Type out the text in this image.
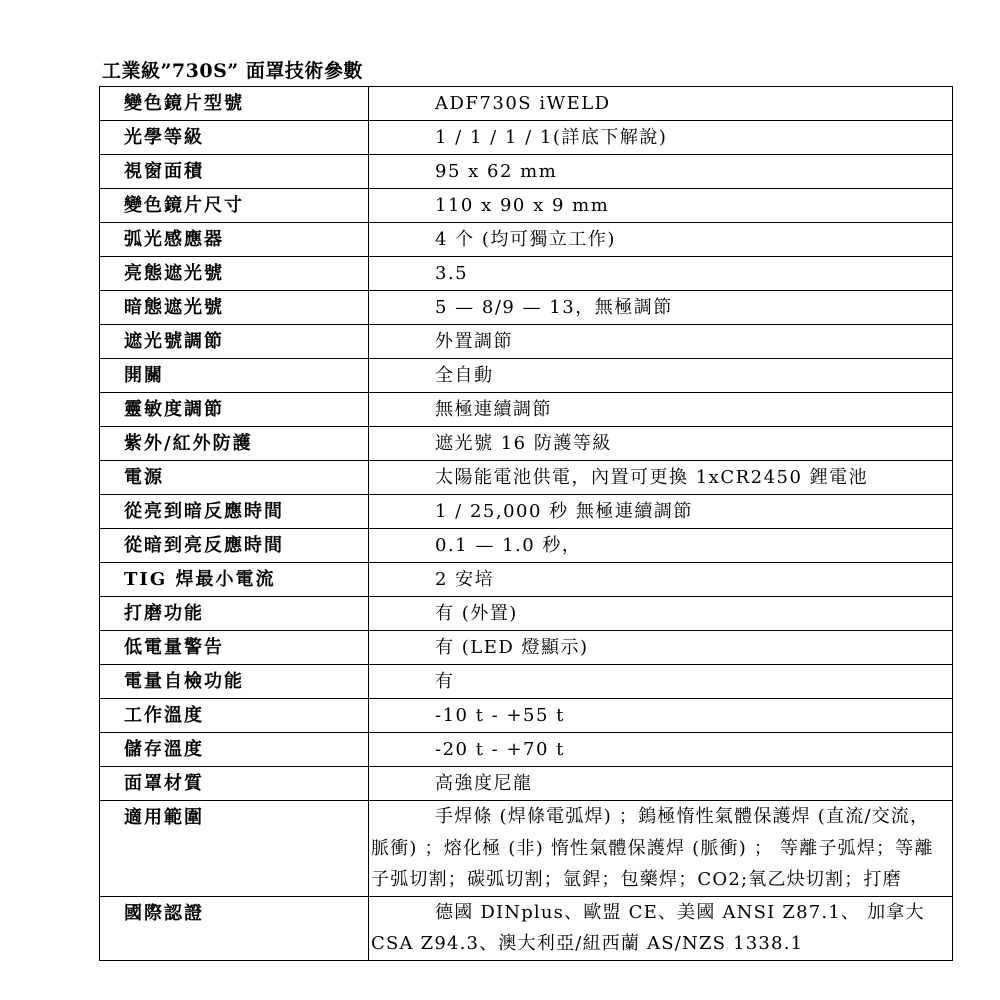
工業級”730S” 面罩技術參數
變色鏡片型號	ADF730S iWELD
光學等級	1 / 1 / 1 / 1(詳底下解說)
視窗面積	95 x 62 mm
變色鏡片尺寸	110 x 90 x 9 mm
弧光感應器	4 个 (均可獨立工作)
亮態遮光號	3.5
暗態遮光號	5 — 8/9 — 13，無極調節
遮光號調節	外置調節
開關	全自動
靈敏度調節	無極連續調節
紫外/紅外防護	遮光號 16 防護等級
電源	太陽能電池供電，內置可更換 1xCR2450 鋰電池
從亮到暗反應時間	1 / 25,000 秒 無極連續調節
從暗到亮反應時間	0.1 — 1.0 秒，
TIG 焊最小電流	2 安培
打磨功能	有 (外置)
低電量警告	有 (LED 燈顯示)
電量自檢功能	有
工作溫度	-10 t - +55 t
儲存溫度	-20 t - +70 t
面罩材質	高強度尼龍
適用範圍	手焊條 (焊條電弧焊) ；鎢極惰性氣體保護焊 (直流/交流，脈衝) ；熔化極 (非) 惰性氣體保護焊 (脈衝) ； 等離子弧焊；等離子弧切割；碳弧切割；氩銲；包藥焊；CO2;氧乙炔切割；打磨
國際認證	德國 DINplus、歐盟 CE、美國 ANSI Z87.1、 加拿大 CSA Z94.3、澳大利亞/紐西蘭 AS/NZS 1338.1
